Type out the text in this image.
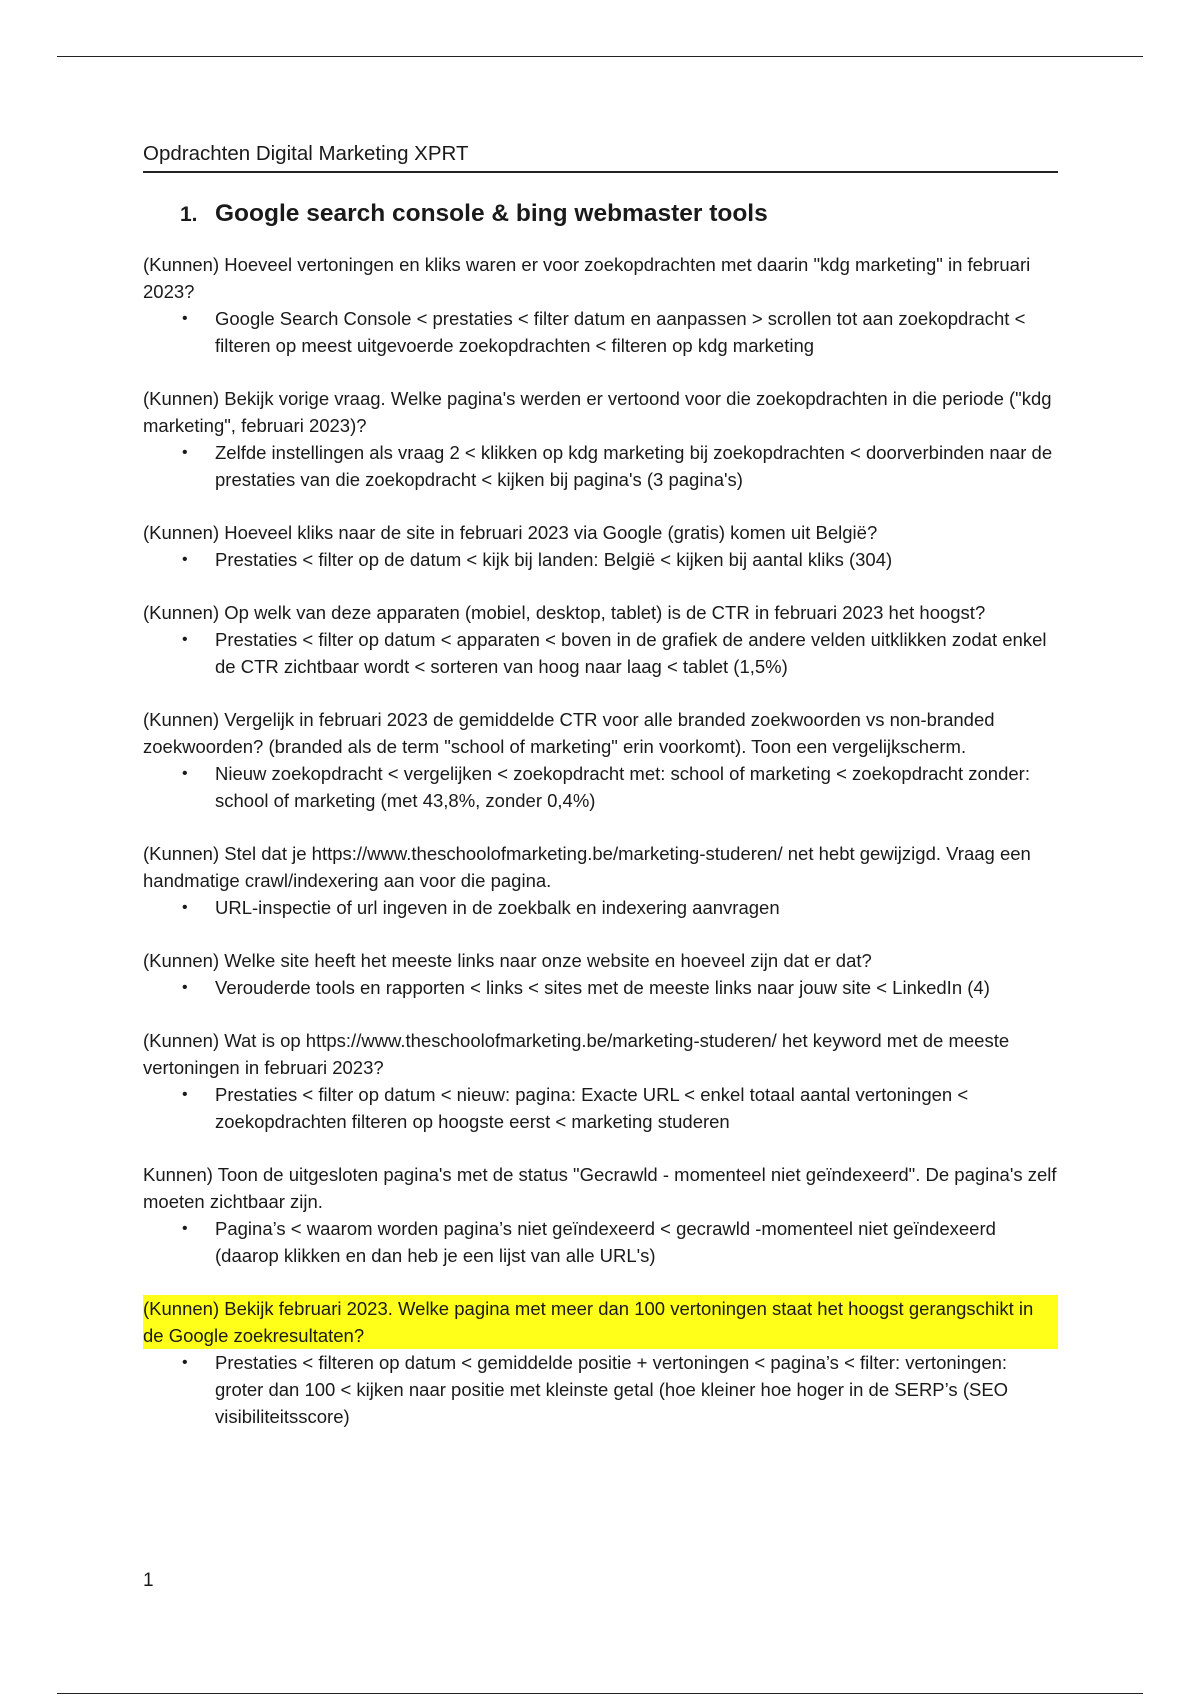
Opdrachten Digital Marketing XPRT

1. Google search console & bing webmaster tools

(Kunnen) Hoeveel vertoningen en kliks waren er voor zoekopdrachten met daarin "kdg marketing" in februari 2023?

•	Google Search Console < prestaties < filter datum en aanpassen > scrollen tot aan zoekopdracht < filteren op meest uitgevoerde zoekopdrachten < filteren op kdg marketing

(Kunnen) Bekijk vorige vraag. Welke pagina's werden er vertoond voor die zoekopdrachten in die periode ("kdg marketing", februari 2023)?

•	Zelfde instellingen als vraag 2 < klikken op kdg marketing bij zoekopdrachten < doorverbinden naar de prestaties van die zoekopdracht < kijken bij pagina's (3 pagina's)

(Kunnen) Hoeveel kliks naar de site in februari 2023 via Google (gratis) komen uit België?

•	Prestaties < filter op de datum < kijk bij landen: België < kijken bij aantal kliks (304)

(Kunnen) Op welk van deze apparaten (mobiel, desktop, tablet) is de CTR in februari 2023 het hoogst?

•	Prestaties < filter op datum < apparaten < boven in de grafiek de andere velden uitklikken zodat enkel de CTR zichtbaar wordt < sorteren van hoog naar laag < tablet (1,5%)

(Kunnen) Vergelijk in februari 2023 de gemiddelde CTR voor alle branded zoekwoorden vs non-branded zoekwoorden? (branded als de term "school of marketing" erin voorkomt). Toon een vergelijkscherm.

•	Nieuw zoekopdracht < vergelijken < zoekopdracht met: school of marketing < zoekopdracht zonder: school of marketing (met 43,8%, zonder 0,4%)

(Kunnen) Stel dat je https://www.theschoolofmarketing.be/marketing-studeren/ net hebt gewijzigd. Vraag een handmatige crawl/indexering aan voor die pagina.

•	URL-inspectie of url ingeven in de zoekbalk en indexering aanvragen

(Kunnen) Welke site heeft het meeste links naar onze website en hoeveel zijn dat er dat?

•	Verouderde tools en rapporten < links < sites met de meeste links naar jouw site < LinkedIn (4)

(Kunnen) Wat is op https://www.theschoolofmarketing.be/marketing-studeren/ het keyword met de meeste vertoningen in februari 2023?

•	Prestaties < filter op datum < nieuw: pagina: Exacte URL < enkel totaal aantal vertoningen < zoekopdrachten filteren op hoogste eerst < marketing studeren

Kunnen) Toon de uitgesloten pagina's met de status "Gecrawld - momenteel niet geïndexeerd". De pagina's zelf moeten zichtbaar zijn.

•	Pagina’s < waarom worden pagina’s niet geïndexeerd < gecrawld -momenteel niet geïndexeerd (daarop klikken en dan heb je een lijst van alle URL's)

(Kunnen) Bekijk februari 2023. Welke pagina met meer dan 100 vertoningen staat het hoogst gerangschikt in de Google zoekresultaten?

•	Prestaties < filteren op datum < gemiddelde positie + vertoningen < pagina’s < filter: vertoningen: groter dan 100 < kijken naar positie met kleinste getal (hoe kleiner hoe hoger in de SERP’s (SEO visibiliteitsscore)
1
